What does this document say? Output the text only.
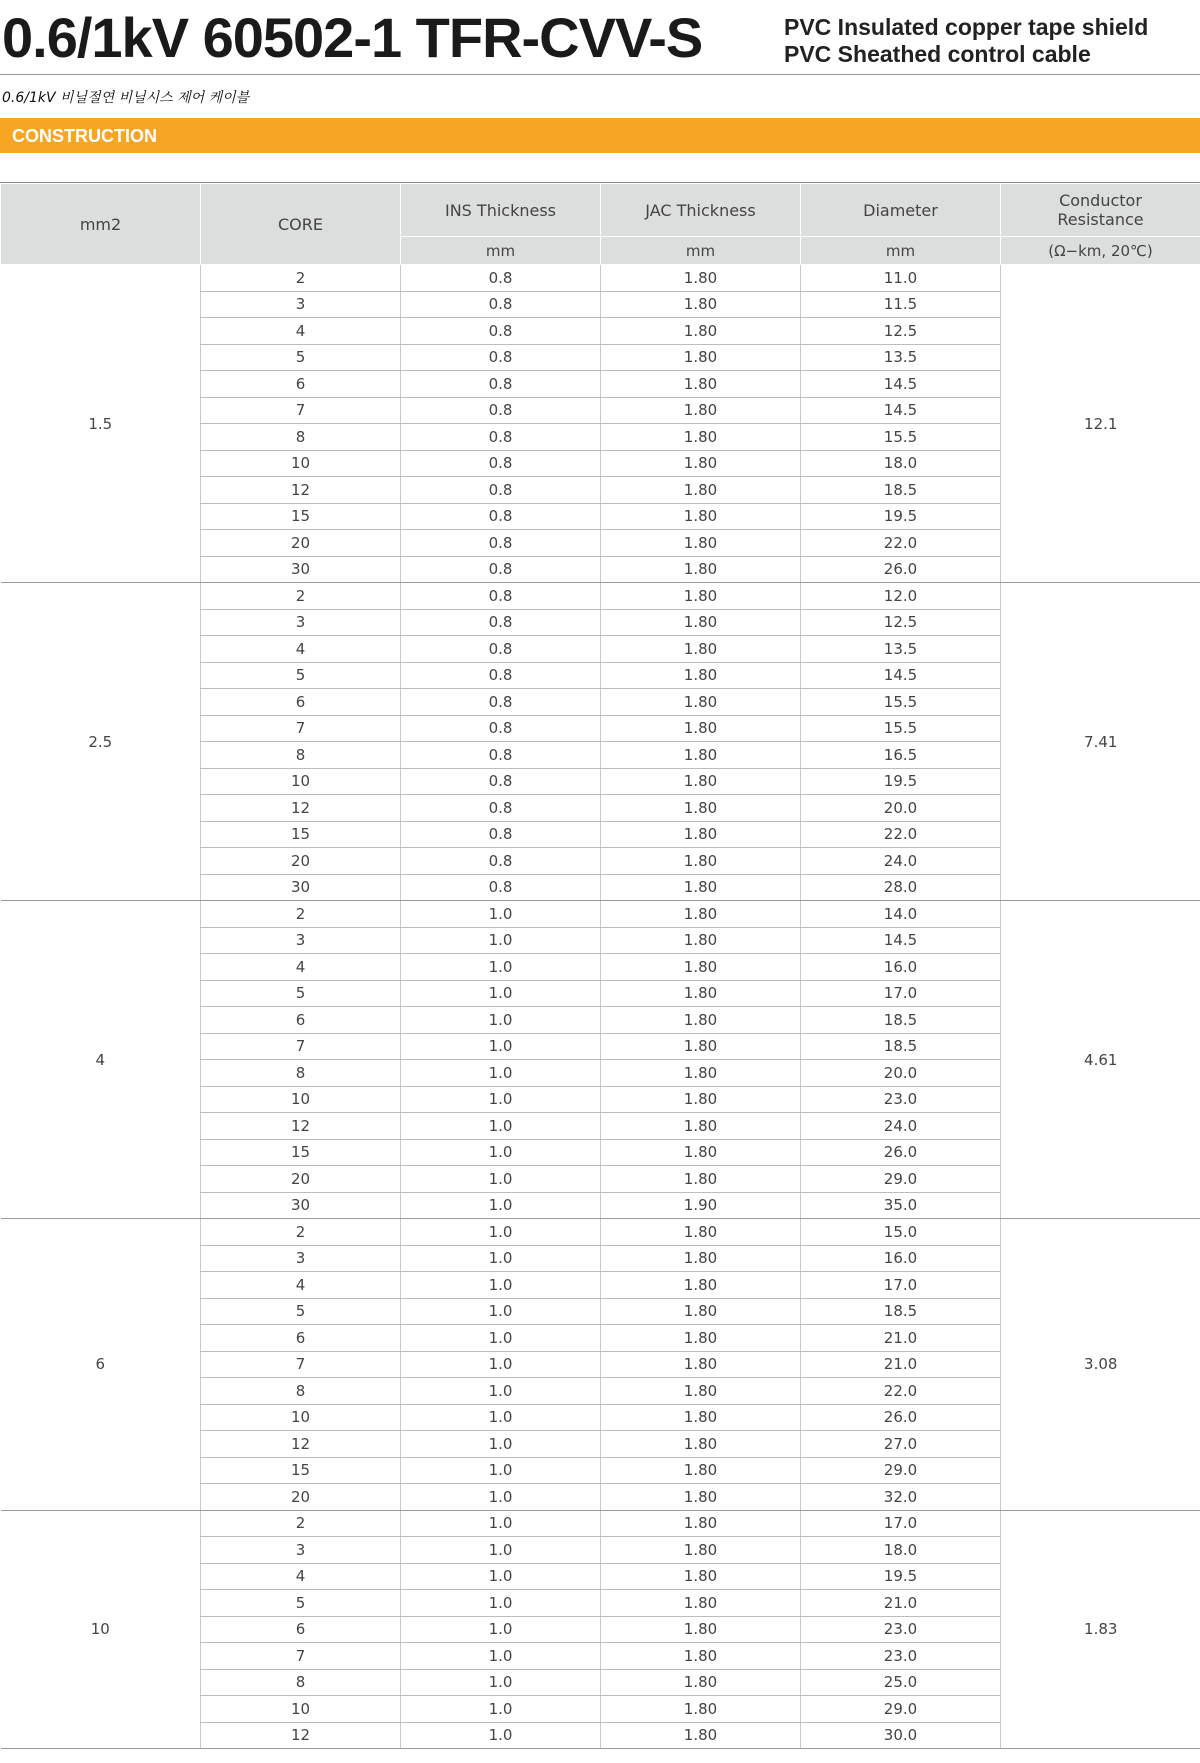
0.6/1kV 60502-1 TFR-CVV-S	PVC Insulated copper tape shield
PVC Sheathed control cable
0.6/1kV 비닐절연 비닐시스 제어 케이블
CONSTRUCTION
mm2	CORE	INS Thickness	JAC Thickness	Diameter	Conductor
Resistance

		mm	mm	mm	(Ω−km, 20℃)
1.5	2	0.8	1.80	11.0	12.1
	3	0.8	1.80	11.5	
	4	0.8	1.80	12.5	
	5	0.8	1.80	13.5	
	6	0.8	1.80	14.5	
	7	0.8	1.80	14.5	
	8	0.8	1.80	15.5	
	10	0.8	1.80	18.0	
	12	0.8	1.80	18.5	
	15	0.8	1.80	19.5	
	20	0.8	1.80	22.0	
	30	0.8	1.80	26.0	
2.5	2	0.8	1.80	12.0	7.41
	3	0.8	1.80	12.5	
	4	0.8	1.80	13.5	
	5	0.8	1.80	14.5	
	6	0.8	1.80	15.5	
	7	0.8	1.80	15.5	
	8	0.8	1.80	16.5	
	10	0.8	1.80	19.5	
	12	0.8	1.80	20.0	
	15	0.8	1.80	22.0	
	20	0.8	1.80	24.0	
	30	0.8	1.80	28.0	
4	2	1.0	1.80	14.0	4.61
	3	1.0	1.80	14.5	
	4	1.0	1.80	16.0	
	5	1.0	1.80	17.0	
	6	1.0	1.80	18.5	
	7	1.0	1.80	18.5	
	8	1.0	1.80	20.0	
	10	1.0	1.80	23.0	
	12	1.0	1.80	24.0	
	15	1.0	1.80	26.0	
	20	1.0	1.80	29.0	
	30	1.0	1.90	35.0	
6	2	1.0	1.80	15.0	3.08
	3	1.0	1.80	16.0	
	4	1.0	1.80	17.0	
	5	1.0	1.80	18.5	
	6	1.0	1.80	21.0	
	7	1.0	1.80	21.0	
	8	1.0	1.80	22.0	
	10	1.0	1.80	26.0	
	12	1.0	1.80	27.0	
	15	1.0	1.80	29.0	
	20	1.0	1.80	32.0	
10	2	1.0	1.80	17.0	1.83
	3	1.0	1.80	18.0	
	4	1.0	1.80	19.5	
	5	1.0	1.80	21.0	
	6	1.0	1.80	23.0	
	7	1.0	1.80	23.0	
	8	1.0	1.80	25.0	
	10	1.0	1.80	29.0	
	12	1.0	1.80	30.0	
